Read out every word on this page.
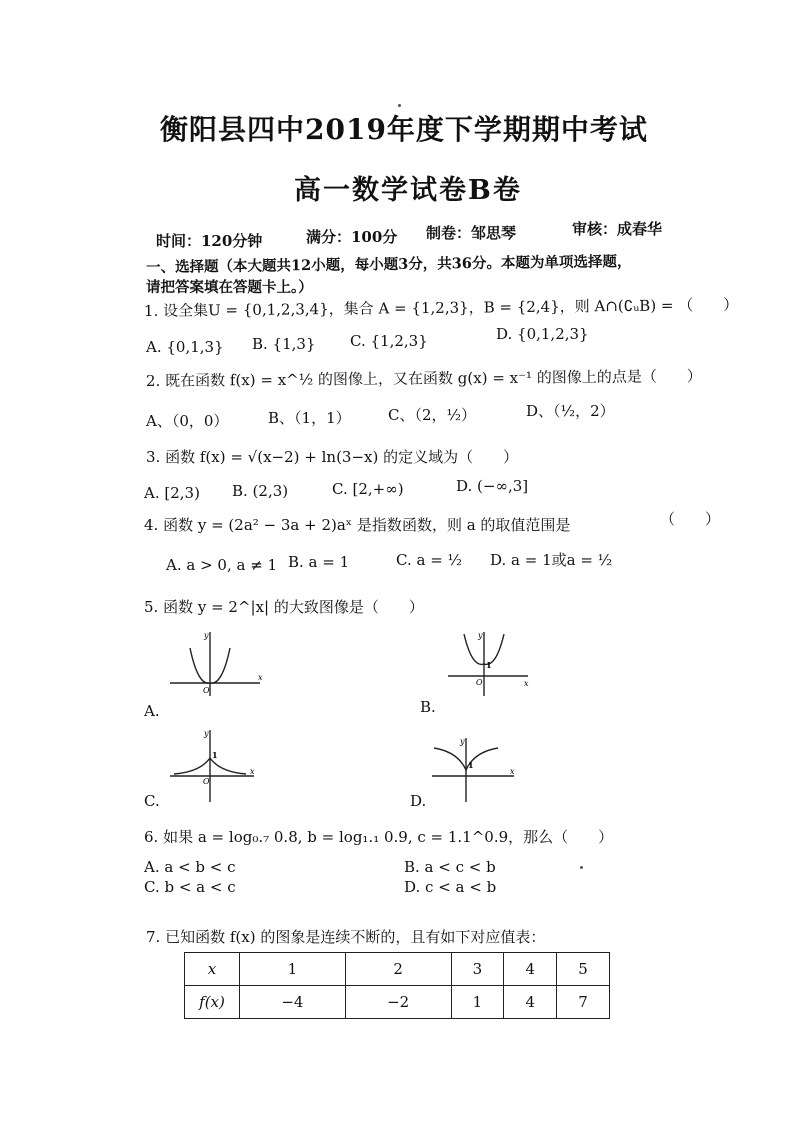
衡阳县四中2019年度下学期期中考试
高一数学试卷B卷
时间：120分钟	满分：100分 制卷：邹思琴	审核：成春华
一、选择题（本大题共12小题，每小题3分，共36分。本题为单项选择题，
请把答案填在答题卡上。）
1. 设全集U = {0,1,2,3,4}，集合 A = {1,2,3}，B = {2,4}，则 A∩(∁ᵤB) = （　　）
A. {0,1,3} B. {1,3} C. {1,2,3}	D. {0,1,2,3}
2. 既在函数 f(x) = x^½ 的图像上，又在函数 g(x) = x⁻¹ 的图像上的点是（　　）
A、（0，0）	B、（1，1） C、（2，½）	D、（½，2）
3. 函数 f(x) = √(x−2) + ln(3−x) 的定义域为（　　）
A. [2,3) B. (2,3)	C. [2,+∞)	D. (−∞,3]
4. 函数 y = (2a² − 3a + 2)aˣ 是指数函数，则 a 的取值范围是	（　　）
A. a > 0, a ≠ 1 B. a = 1	C. a = ½ D. a = 1或a = ½
5. 函数 y = 2^|x| 的大致图像是（　　）
O
x
y
A.
1
O	x
y
B.
1
O
x
y
C.
1
x
y
D.
6. 如果 a = log₀.₇ 0.8, b = log₁.₁ 0.9, c = 1.1^0.9，那么（　　）
A. a < b < c	B. a < c < b
C. b < a < c	D. c < a < b
7. 已知函数 f(x) 的图象是连续不断的，且有如下对应值表：
x	1	2	3	4	5
f(x)	−4	−2	1	4	7
